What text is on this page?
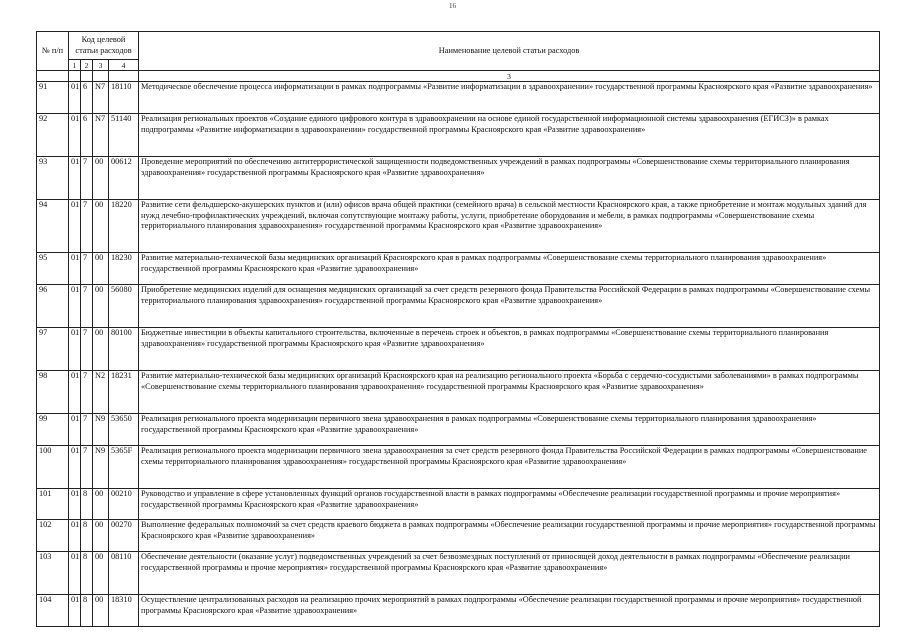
16
№ п/п	Код целевой статьи расходов				Наименование целевой статьи расходов
	1	2	3	4	
					3
91	01	6	N7	18110	Методическое обеспечение процесса информатизации в рамках подпрограммы «Развитие информатизации в здравоохранении» государственной программы Красноярского края «Развитие здравоохранения»
92	01	6	N7	51140	Реализация региональных проектов «Создание единого цифрового контура в здравоохранении на основе единой государственной информационной системы здравоохранения (ЕГИСЗ)» в рамках подпрограммы «Развитие информатизации в здравоохранении» государственной программы Красноярского края «Развитие здравоохранения»
93	01	7	00	00612	Проведение мероприятий по обеспечению антитеррористической защищенности подведомственных учреждений в рамках подпрограммы «Совершенствование схемы территориального планирования здравоохранения» государственной программы Красноярского края «Развитие здравоохранения»
94	01	7	00	18220	Развитие сети фельдшерско-акушерских пунктов и (или) офисов врача общей практики (семейного врача) в сельской местности Красноярского края, а также приобретение и монтаж модульных зданий для нужд лечебно-профилактических учреждений, включая сопутствующие монтажу работы, услуги, приобретение оборудования и мебели, в рамках подпрограммы «Совершенствование схемы территориального планирования здравоохранения» государственной программы Красноярского края «Развитие здравоохранения»
95	01	7	00	18230	Развитие материально-технической базы медицинских организаций Красноярского края в рамках подпрограммы «Совершенствование схемы территориального планирования здравоохранения» государственной программы Красноярского края «Развитие здравоохранения»
96	01	7	00	56080	Приобретение медицинских изделий для оснащения медицинских организаций за счет средств резервного фонда Правительства Российской Федерации в рамках подпрограммы «Совершенствование схемы территориального планирования здравоохранения» государственной программы Красноярского края «Развитие здравоохранения»
97	01	7	00	80100	Бюджетные инвестиции в объекты капитального строительства, включенные в перечень строек и объектов, в рамках подпрограммы «Совершенствование схемы территориального планирования здравоохранения» государственной программы Красноярского края «Развитие здравоохранения»
98	01	7	N2	18231	Развитие материально-технической базы медицинских организаций Красноярского края на реализацию регионального проекта «Борьба с сердечно-сосудистыми заболеваниями» в рамках подпрограммы «Совершенствование схемы территориального планирования здравоохранения» государственной программы Красноярского края «Развитие здравоохранения»
99	01	7	N9	53650	Реализация регионального проекта модернизации первичного звена здравоохранения в рамках подпрограммы «Совершенствование схемы территориального планирования здравоохранения» государственной программы Красноярского края «Развитие здравоохранения»
100	01	7	N9	5365F	Реализация регионального проекта модернизации первичного звена здравоохранения за счет средств резервного фонда Правительства Российской Федерации в рамках подпрограммы «Совершенствование схемы территориального планирования здравоохранения» государственной программы Красноярского края «Развитие здравоохранения»
101	01	8	00	00210	Руководство и управление в сфере установленных функций органов государственной власти в рамках подпрограммы «Обеспечение реализации государственной программы и прочие мероприятия» государственной программы Красноярского края «Развитие здравоохранения»
102	01	8	00	00270	Выполнение федеральных полномочий за счет средств краевого бюджета в рамках подпрограммы «Обеспечение реализации государственной программы и прочие мероприятия» государственной программы Красноярского края «Развитие здравоохранения»
103	01	8	00	08110	Обеспечение деятельности (оказание услуг) подведомственных учреждений за счет безвозмездных поступлений от приносящей доход деятельности в рамках подпрограммы «Обеспечение реализации государственной программы и прочие мероприятия» государственной программы Красноярского края «Развитие здравоохранения»
104	01	8	00	18310	Осуществление централизованных расходов на реализацию прочих мероприятий в рамках подпрограммы «Обеспечение реализации государственной программы и прочие мероприятия» государственной программы Красноярского края «Развитие здравоохранения»
